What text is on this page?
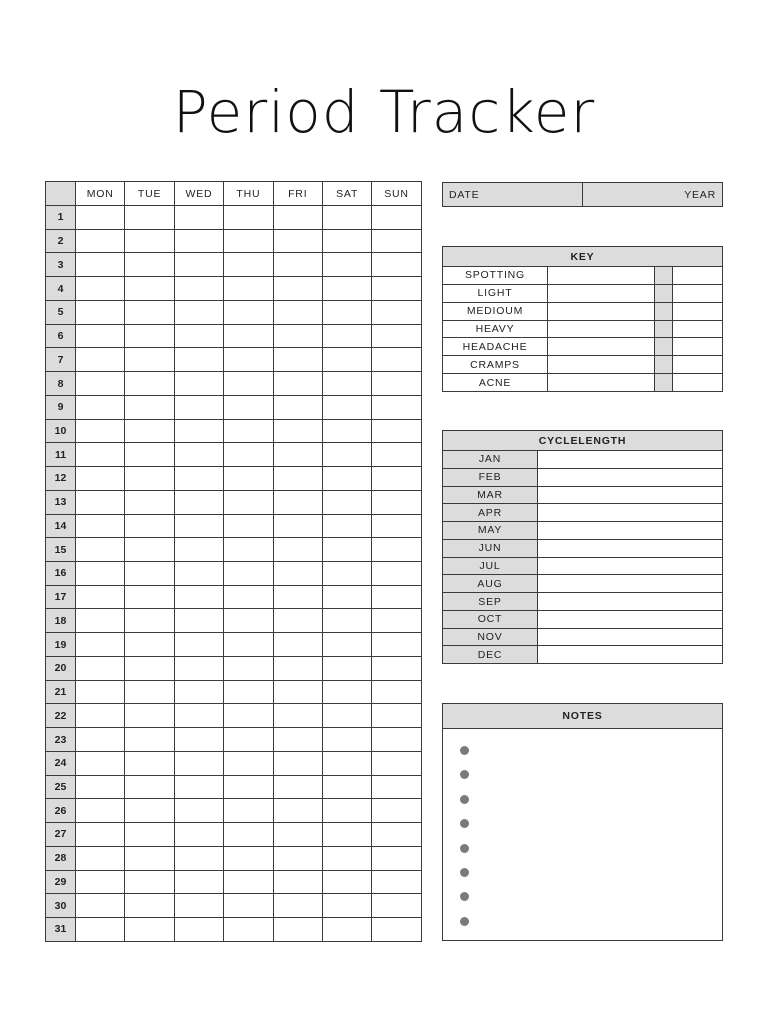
Period Tracker
	MON	TUE	WED	THU	FRI	SAT	SUN
1							
2							
3							
4							
5							
6							
7							
8							
9							
10							
11							
12							
13							
14							
15							
16							
17							
18							
19							
20							
21							
22							
23							
24							
25							
26							
27							
28							
29							
30							
31							
DATE	YEAR
KEY			
SPOTTING			
LIGHT			
MEDIOUM			
HEAVY			
HEADACHE			
CRAMPS			
ACNE			
CYCLELENGTH	
JAN	
FEB	
MAR	
APR	
MAY	
JUN	
JUL	
AUG	
SEP	
OCT	
NOV	
DEC	
NOTES
